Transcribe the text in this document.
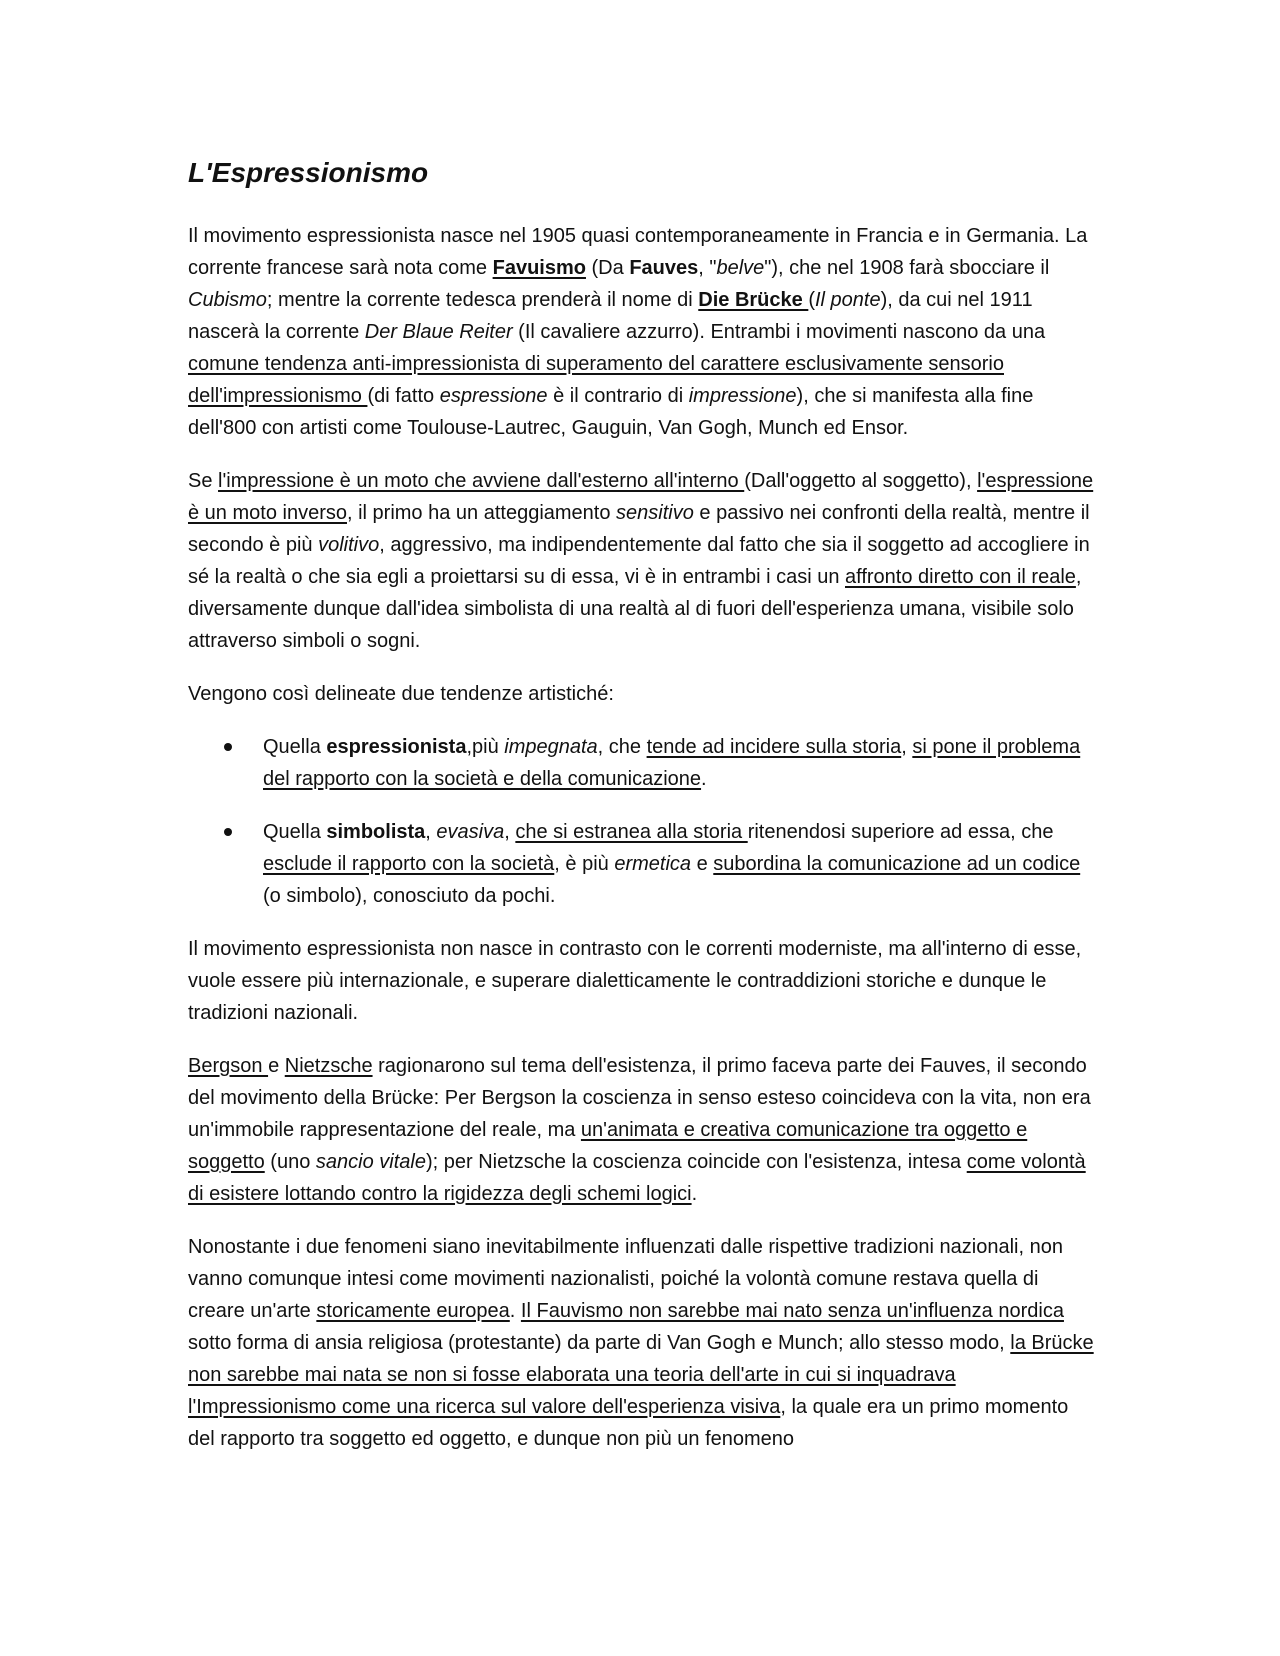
L'Espressionismo

Il movimento espressionista nasce nel 1905 quasi contemporaneamente in Francia e in Germania. La corrente francese sarà nota come Favuismo (Da Fauves, "belve"), che nel 1908 farà sbocciare il Cubismo; mentre la corrente tedesca prenderà il nome di Die Brücke (Il ponte), da cui nel 1911 nascerà la corrente Der Blaue Reiter (Il cavaliere azzurro). Entrambi i movimenti nascono da una comune tendenza anti-impressionista di superamento del carattere esclusivamente sensorio dell'impressionismo (di fatto espressione è il contrario di impressione), che si manifesta alla fine dell'800 con artisti come Toulouse-Lautrec, Gauguin, Van Gogh, Munch ed Ensor.

Se l'impressione è un moto che avviene dall'esterno all'interno (Dall'oggetto al soggetto), l'espressione è un moto inverso, il primo ha un atteggiamento sensitivo e passivo nei confronti della realtà, mentre il secondo è più volitivo, aggressivo, ma indipendentemente dal fatto che sia il soggetto ad accogliere in sé la realtà o che sia egli a proiettarsi su di essa, vi è in entrambi i casi un affronto diretto con il reale, diversamente dunque dall'idea simbolista di una realtà al di fuori dell'esperienza umana, visibile solo attraverso simboli o sogni.

Vengono così delineate due tendenze artistiché:

Quella espressionista,più impegnata, che tende ad incidere sulla storia, si pone il problema del rapporto con la società e della comunicazione.
Quella simbolista, evasiva, che si estranea alla storia ritenendosi superiore ad essa, che esclude il rapporto con la società, è più ermetica e subordina la comunicazione ad un codice (o simbolo), conosciuto da pochi.

Il movimento espressionista non nasce in contrasto con le correnti moderniste, ma all'interno di esse, vuole essere più internazionale, e superare dialetticamente le contraddizioni storiche e dunque le tradizioni nazionali.

Bergson e Nietzsche ragionarono sul tema dell'esistenza, il primo faceva parte dei Fauves, il secondo del movimento della Brücke: Per Bergson la coscienza in senso esteso coincideva con la vita, non era un'immobile rappresentazione del reale, ma un'animata e creativa comunicazione tra oggetto e soggetto (uno sancio vitale); per Nietzsche la coscienza coincide con l'esistenza, intesa come volontà di esistere lottando contro la rigidezza degli schemi logici.

Nonostante i due fenomeni siano inevitabilmente influenzati dalle rispettive tradizioni nazionali, non vanno comunque intesi come movimenti nazionalisti, poiché la volontà comune restava quella di creare un'arte storicamente europea. Il Fauvismo non sarebbe mai nato senza un'influenza nordica sotto forma di ansia religiosa (protestante) da parte di Van Gogh e Munch; allo stesso modo, la Brücke non sarebbe mai nata se non si fosse elaborata una teoria dell'arte in cui si inquadrava l'Impressionismo come una ricerca sul valore dell'esperienza visiva, la quale era un primo momento del rapporto tra soggetto ed oggetto, e dunque non più un fenomeno
